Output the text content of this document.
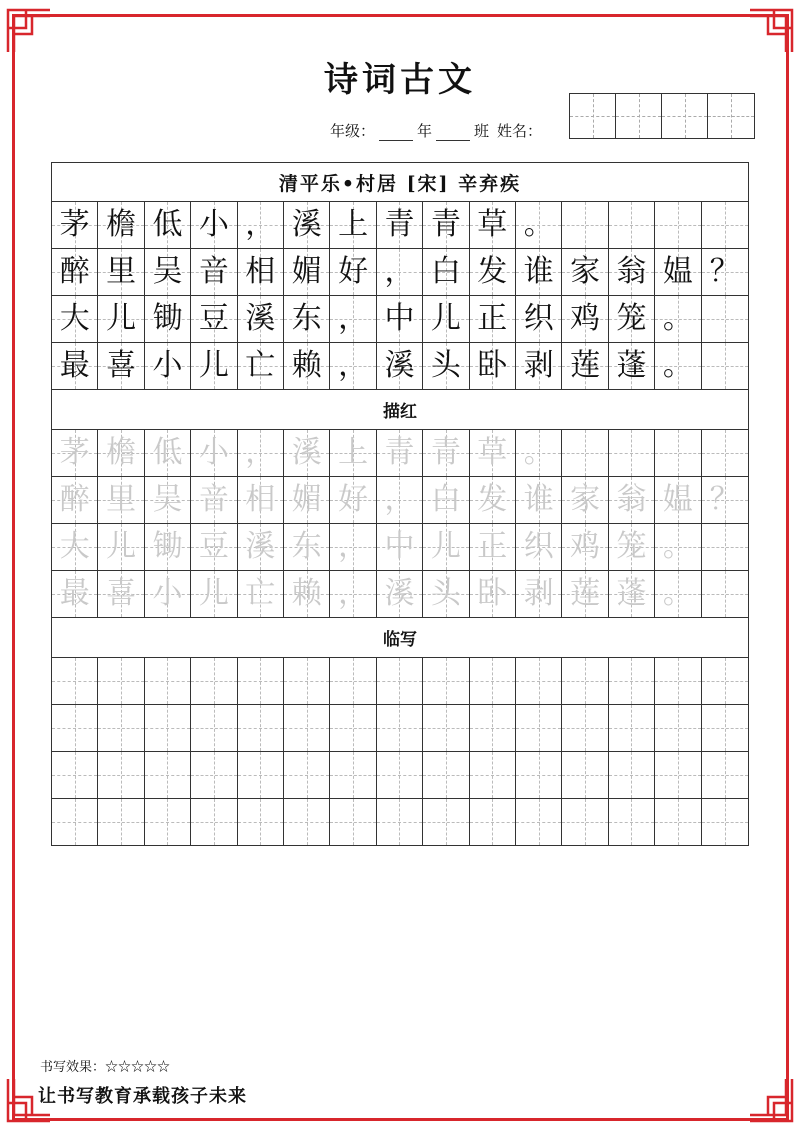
诗词古文
年级：	年	班 姓名：
清平乐•村居 [宋] 辛弃疾
茅 檐 低 小 ， 溪 上 青 青 草 。
醉 里 吴 音 相 媚 好 ， 白 发 谁 家 翁 媪 ？
大 儿 锄 豆 溪 东 ， 中 儿 正 织 鸡 笼 。
最 喜 小 儿 亡 赖 ， 溪 头 卧 剥 莲 蓬 。
描红
茅 檐 低 小 ， 溪 上 青 青 草 。
醉 里 吴 音 相 媚 好 ， 白 发 谁 家 翁 媪 ？
大 儿 锄 豆 溪 东 ， 中 儿 正 织 鸡 笼 。
最 喜 小 儿 亡 赖 ， 溪 头 卧 剥 莲 蓬 。
临写
书写效果：☆☆☆☆☆
让书写教育承载孩子未来
